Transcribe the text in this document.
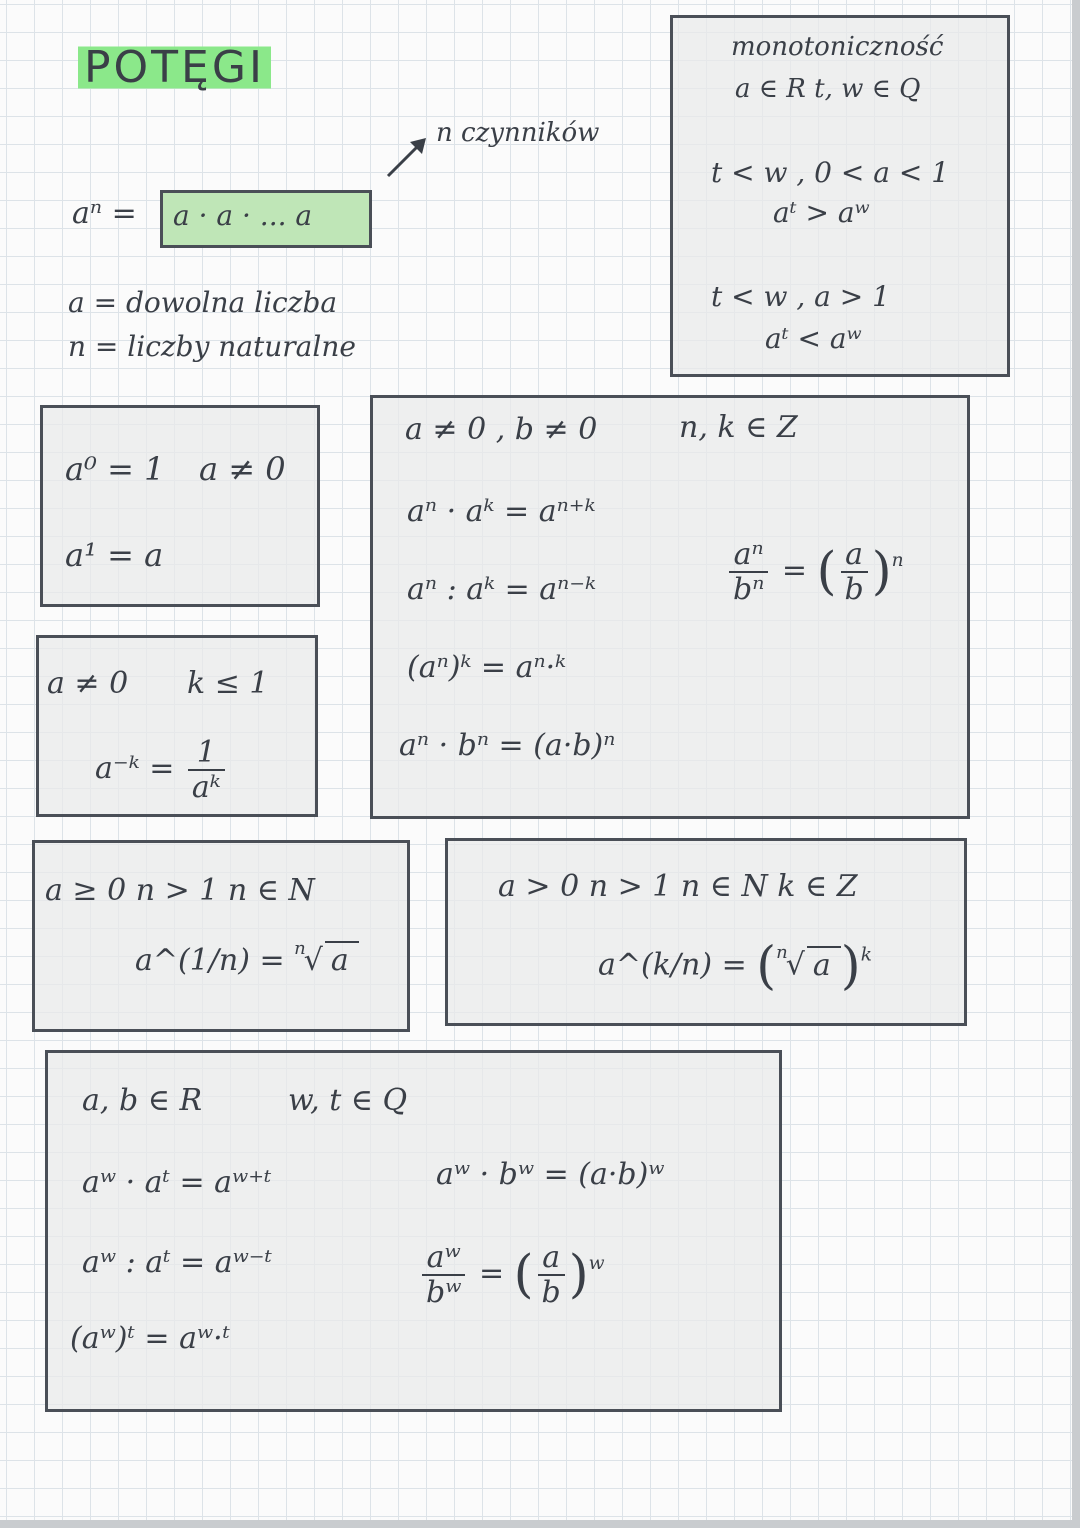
POTĘGI
aⁿ =	a · a · ... a
n czynników
a = dowolna liczba
n = liczby naturalne
monotoniczność
a ∈ R t, w ∈ Q
t < w , 0 < a < 1
aᵗ > aʷ
t < w , a > 1
aᵗ < aʷ
a⁰ = 1 a ≠ 0
a¹ = a
a ≠ 0 k ≤ 1
a⁻ᵏ = $\frac{1}{\text{aᵏ}}$
a ≠ 0 , b ≠ 0	n, k ∈ Z
aⁿ · aᵏ = aⁿ⁺ᵏ
aⁿ : aᵏ = aⁿ⁻ᵏ
(aⁿ)ᵏ = aⁿ·ᵏ
aⁿ · bⁿ = (a·b)ⁿ
$\frac{\text{aⁿ}}{\text{bⁿ}}$ = ( $\frac{a}{b} )^n$
a ≥ 0 n > 1 n ∈ N
a^(1/n) = $^n$√ a
a > 0 n > 1 n ∈ N k ∈ Z
a^(k/n) = ($^n$√ a )$^k$
a, b ∈ R	w, t ∈ Q
aʷ · aᵗ = aʷ⁺ᵗ
aʷ : aᵗ = aʷ⁻ᵗ
(aʷ)ᵗ = aʷ·ᵗ
aʷ · bʷ = (a·b)ʷ
$\frac{\text{aʷ}}{\text{bʷ}}$ = ( $\frac{a}{b} )^w$
